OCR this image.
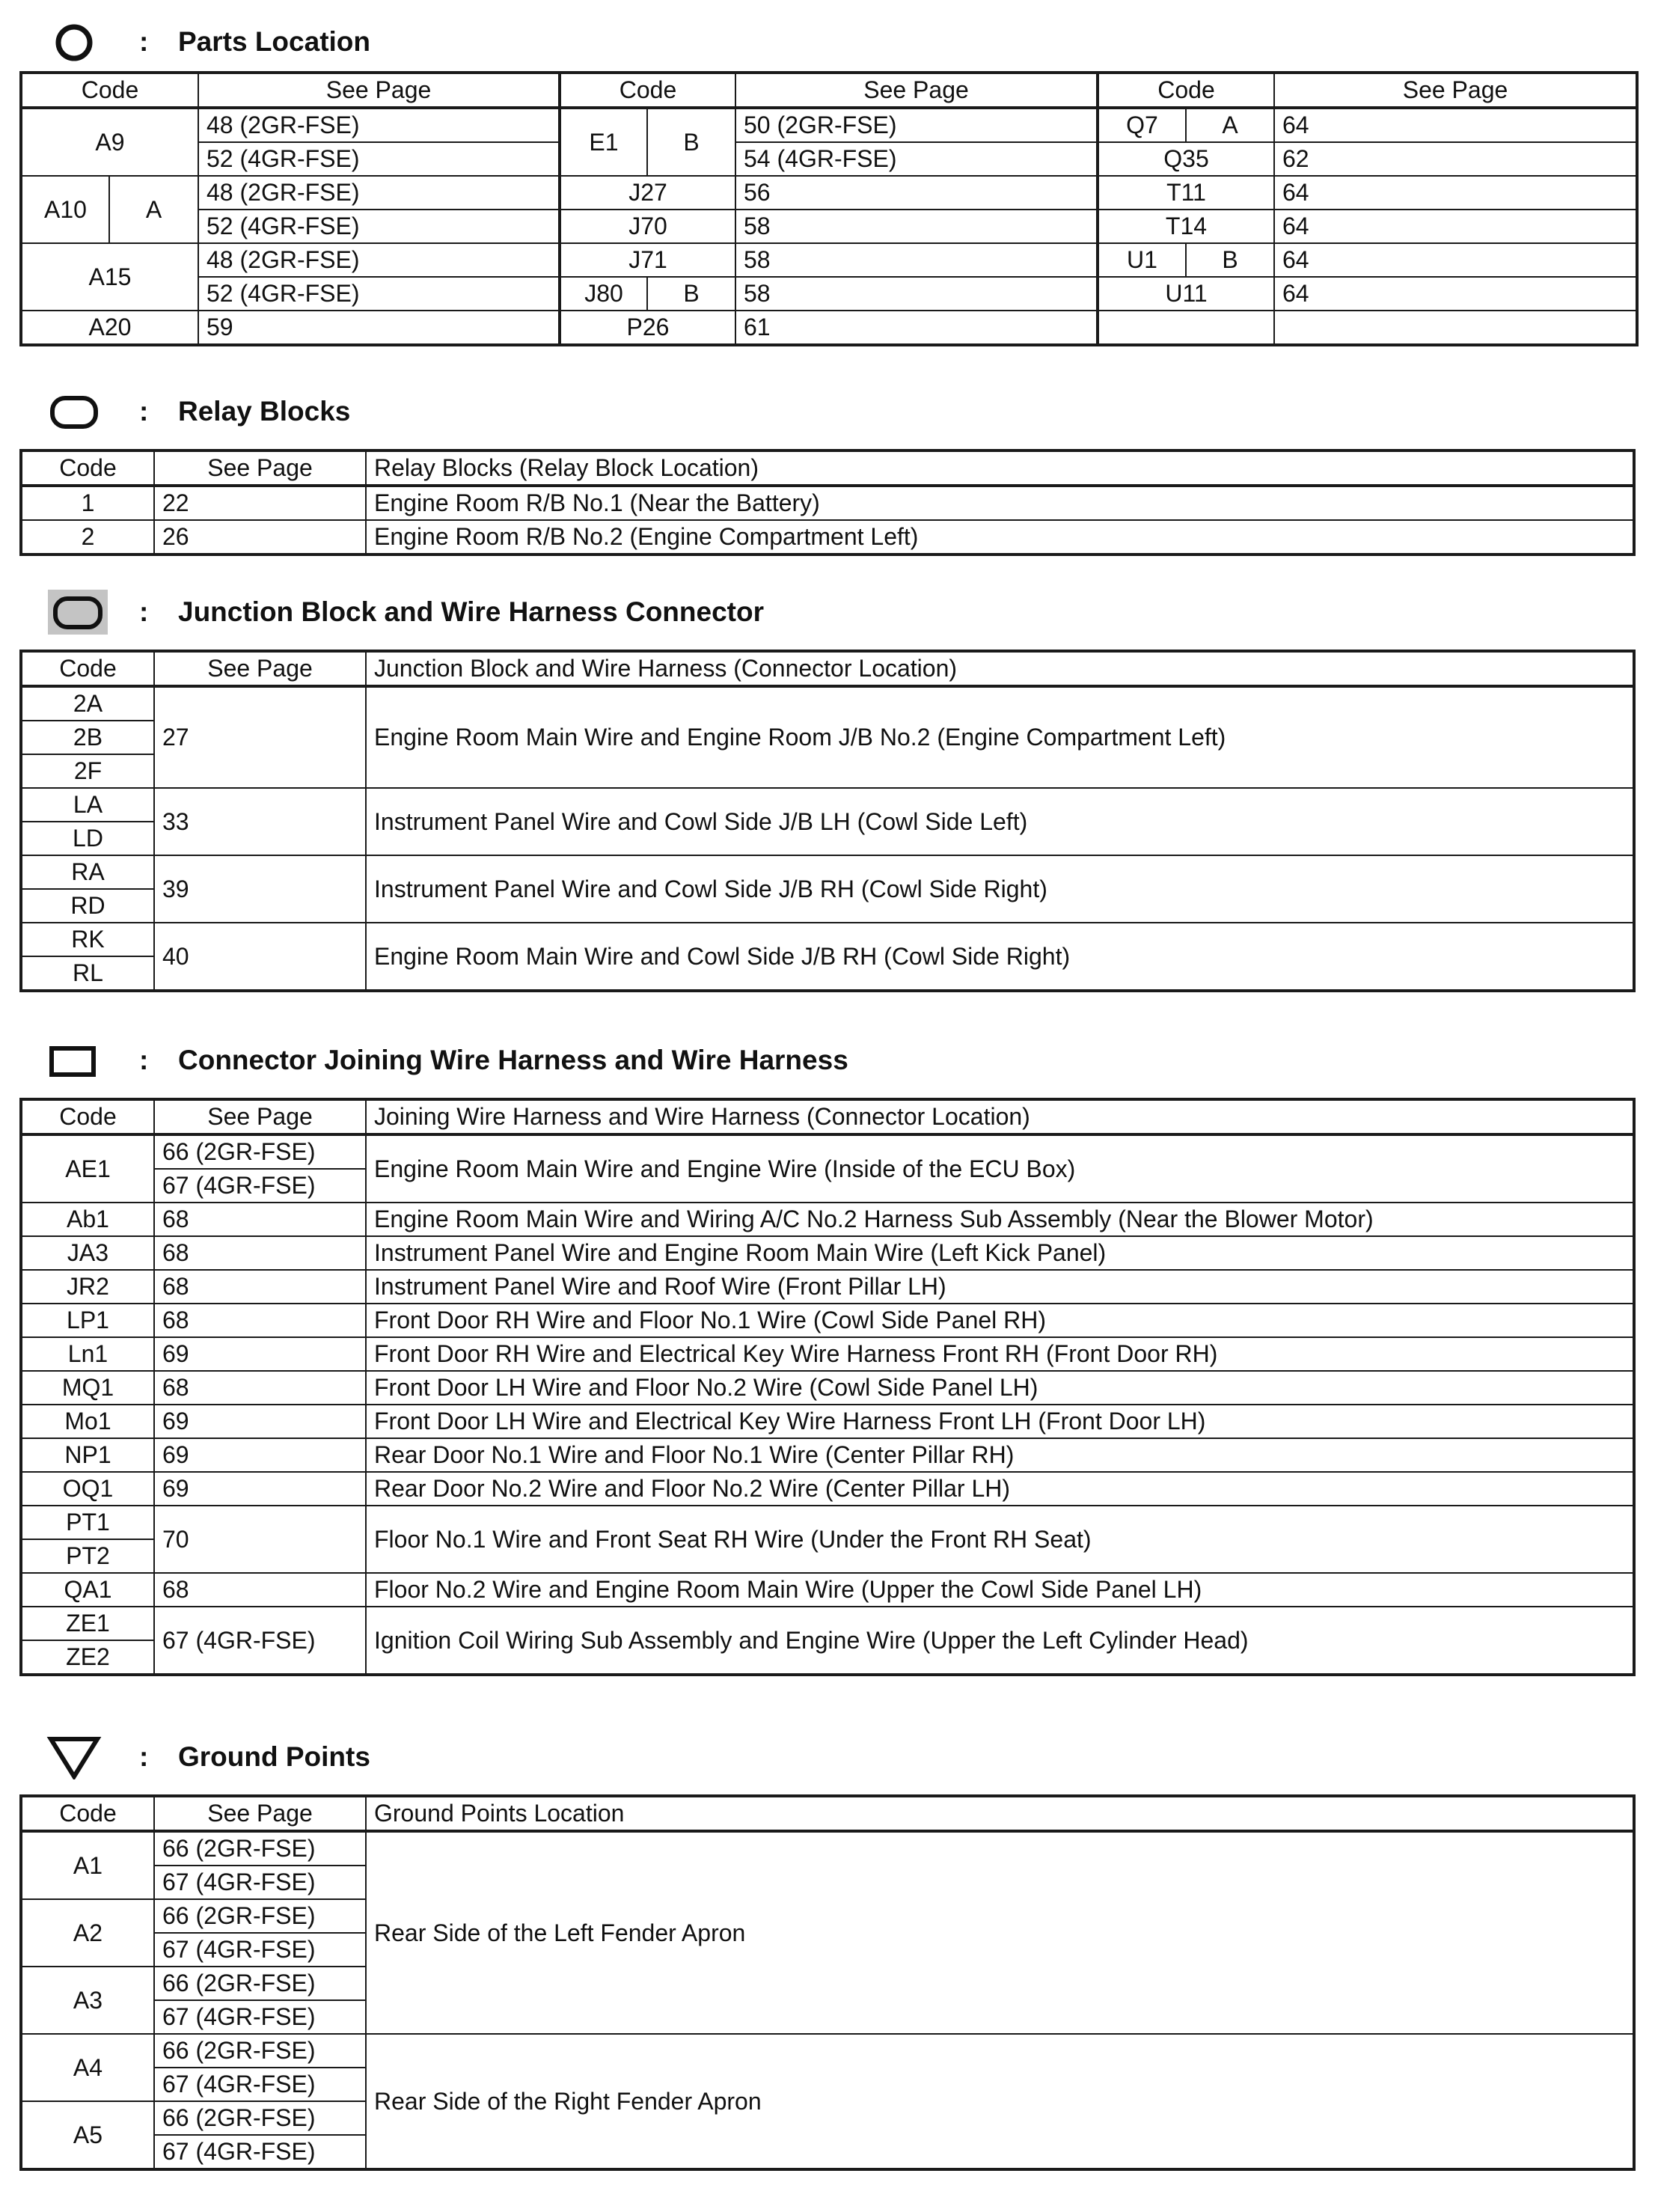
:	Parts Location
Code		See Page	Code		See Page	Code		See Page
A9		48 (2GR-FSE)	E1	B	50 (2GR-FSE)	Q7	A	64
		52 (4GR-FSE)			54 (4GR-FSE)	Q35		62
A10	A	48 (2GR-FSE)	J27		56	T11		64
		52 (4GR-FSE)	J70		58	T14		64
A15		48 (2GR-FSE)	J71		58	U1	B	64
		52 (4GR-FSE)	J80	B	58	U11		64
A20		59	P26		61			
:	Relay Blocks
Code	See Page	Relay Blocks (Relay Block Location)
1	22	Engine Room R/B No.1 (Near the Battery)
2	26	Engine Room R/B No.2 (Engine Compartment Left)
:	Junction Block and Wire Harness Connector
Code	See Page	Junction Block and Wire Harness (Connector Location)
2A	27	Engine Room Main Wire and Engine Room J/B No.2 (Engine Compartment Left)
2B		
2F		
LA	33	Instrument Panel Wire and Cowl Side J/B LH (Cowl Side Left)
LD		
RA	39	Instrument Panel Wire and Cowl Side J/B RH (Cowl Side Right)
RD		
RK	40	Engine Room Main Wire and Cowl Side J/B RH (Cowl Side Right)
RL		
:	Connector Joining Wire Harness and Wire Harness
Code	See Page	Joining Wire Harness and Wire Harness (Connector Location)
AE1	66 (2GR-FSE)	Engine Room Main Wire and Engine Wire (Inside of the ECU Box)
	67 (4GR-FSE)	
Ab1	68	Engine Room Main Wire and Wiring A/C No.2 Harness Sub Assembly (Near the Blower Motor)
JA3	68	Instrument Panel Wire and Engine Room Main Wire (Left Kick Panel)
JR2	68	Instrument Panel Wire and Roof Wire (Front Pillar LH)
LP1	68	Front Door RH Wire and Floor No.1 Wire (Cowl Side Panel RH)
Ln1	69	Front Door RH Wire and Electrical Key Wire Harness Front RH (Front Door RH)
MQ1	68	Front Door LH Wire and Floor No.2 Wire (Cowl Side Panel LH)
Mo1	69	Front Door LH Wire and Electrical Key Wire Harness Front LH (Front Door LH)
NP1	69	Rear Door No.1 Wire and Floor No.1 Wire (Center Pillar RH)
OQ1	69	Rear Door No.2 Wire and Floor No.2 Wire (Center Pillar LH)
PT1	70	Floor No.1 Wire and Front Seat RH Wire (Under the Front RH Seat)
PT2		
QA1	68	Floor No.2 Wire and Engine Room Main Wire (Upper the Cowl Side Panel LH)
ZE1	67 (4GR-FSE)	Ignition Coil Wiring Sub Assembly and Engine Wire (Upper the Left Cylinder Head)
ZE2		
:	Ground Points
Code	See Page	Ground Points Location
A1	66 (2GR-FSE)	Rear Side of the Left Fender Apron
	67 (4GR-FSE)	
A2	66 (2GR-FSE)	
	67 (4GR-FSE)	
A3	66 (2GR-FSE)	
	67 (4GR-FSE)	
A4	66 (2GR-FSE)	Rear Side of the Right Fender Apron
	67 (4GR-FSE)	
A5	66 (2GR-FSE)	
	67 (4GR-FSE)	
